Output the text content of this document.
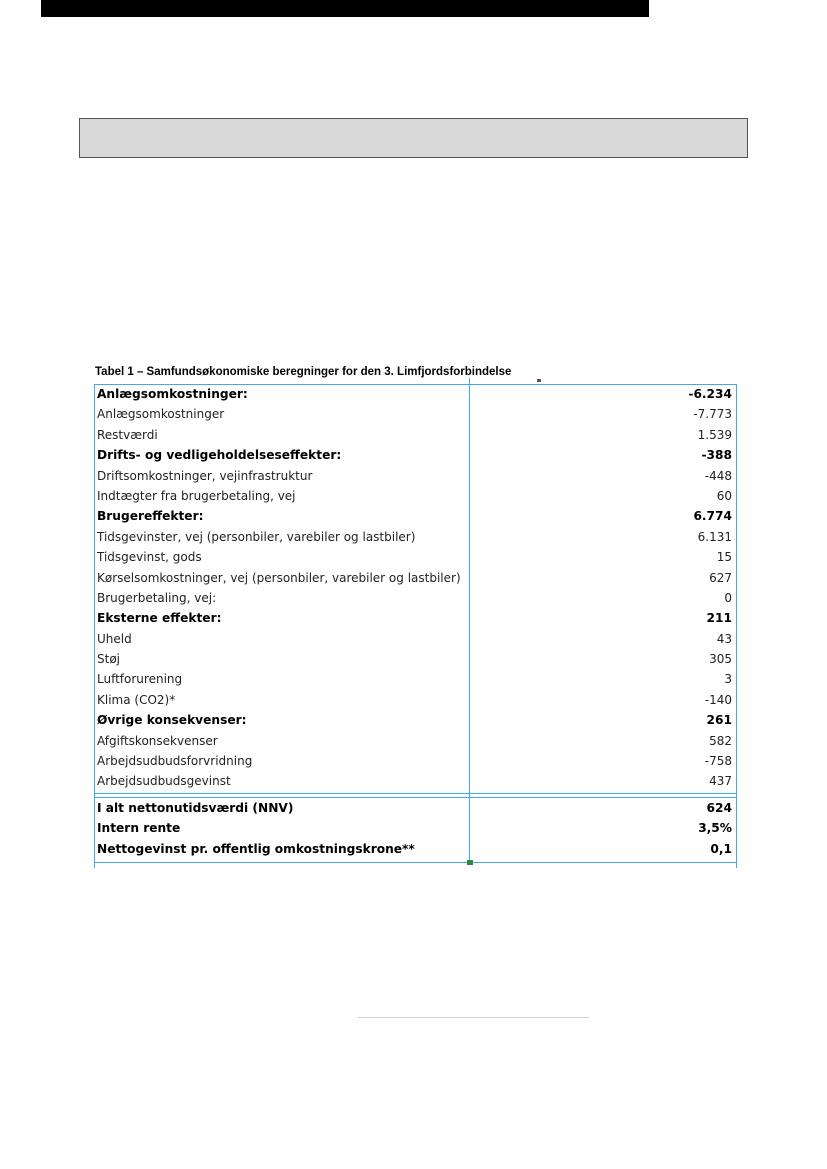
Tabel 1 – Samfundsøkonomiske beregninger for den 3. Limfjordsforbindelse
Anlægsomkostninger:	-6.234
Anlægsomkostninger	-7.773
Restværdi	1.539
Drifts- og vedligeholdelseseffekter:	-388
Driftsomkostninger, vejinfrastruktur	-448
Indtægter fra brugerbetaling, vej	60
Brugereffekter:	6.774
Tidsgevinster, vej (personbiler, varebiler og lastbiler)	6.131
Tidsgevinst, gods	15
Kørselsomkostninger, vej (personbiler, varebiler og lastbiler)	627
Brugerbetaling, vej:	0
Eksterne effekter:	211
Uheld	43
Støj	305
Luftforurening	3
Klima (CO2)*	-140
Øvrige konsekvenser:	261
Afgiftskonsekvenser	582
Arbejdsudbudsforvridning	-758
Arbejdsudbudsgevinst	437
I alt nettonutidsværdi (NNV)	624
Intern rente	3,5%
Nettogevinst pr. offentlig omkostningskrone**	0,1
